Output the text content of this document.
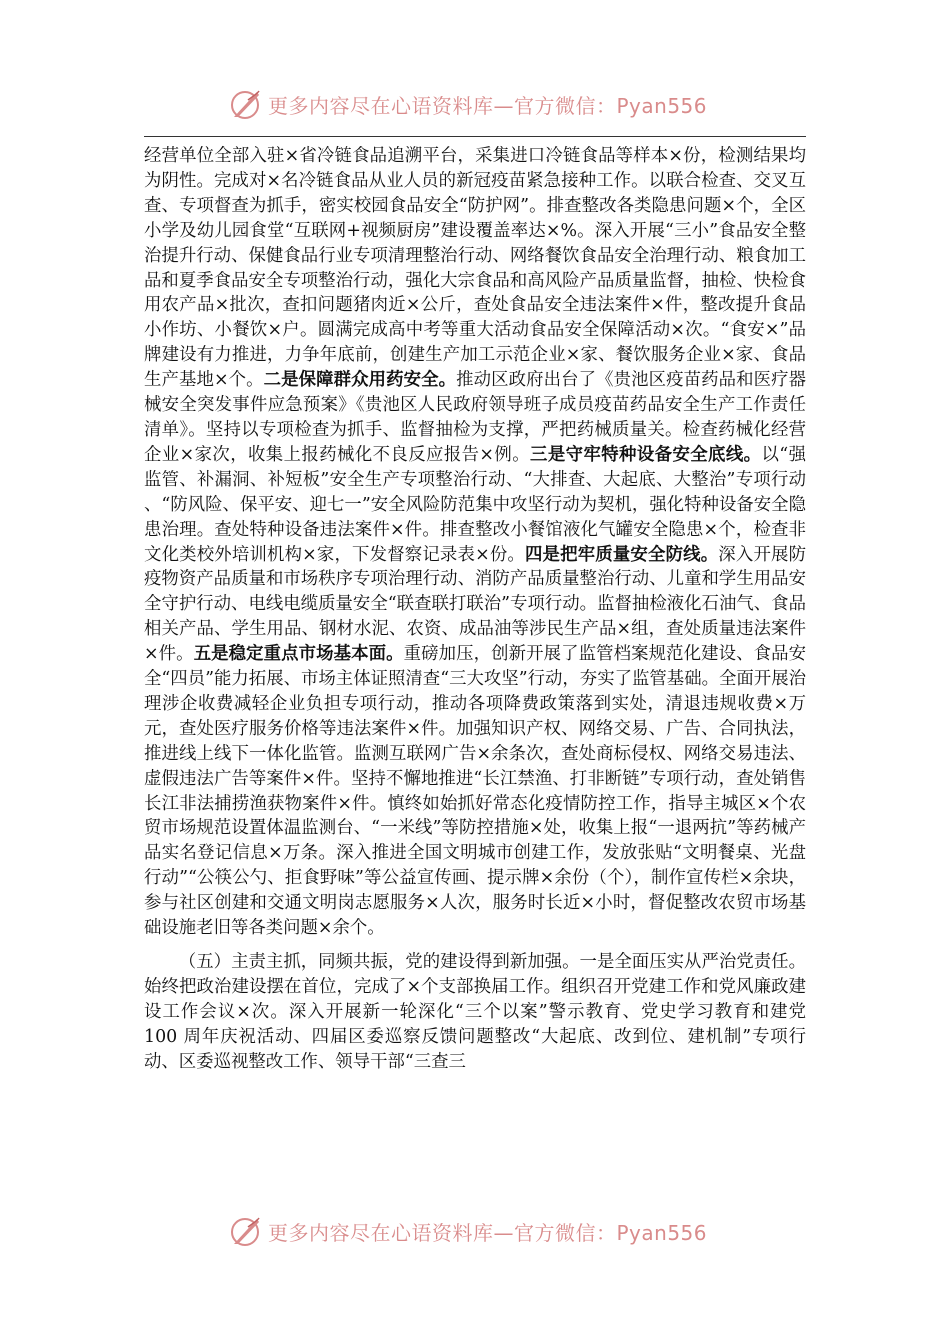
更多内容尽在心语资料库—官方微信：Pyan556

经营单位全部入驻×省冷链食品追溯平台，采集进口冷链食品等样本×份，检测结果均为阴性。完成对×名冷链食品从业人员的新冠疫苗紧急接种工作。以联合检查、交叉互查、专项督查为抓手，密实校园食品安全“防护网”。排查整改各类隐患问题×个，全区小学及幼儿园食堂“互联网+视频厨房”建设覆盖率达×%。深入开展“三小”食品安全整治提升行动、保健食品行业专项清理整治行动、网络餐饮食品安全治理行动、粮食加工品和夏季食品安全专项整治行动，强化大宗食品和高风险产品质量监督，抽检、快检食用农产品×批次，查扣问题猪肉近×公斤，查处食品安全违法案件×件，整改提升食品小作坊、小餐饮×户。圆满完成高中考等重大活动食品安全保障活动×次。“食安×”品牌建设有力推进，力争年底前，创建生产加工示范企业×家、餐饮服务企业×家、食品生产基地×个。二是保障群众用药安全。推动区政府出台了《贵池区疫苗药品和医疗器械安全突发事件应急预案》《贵池区人民政府领导班子成员疫苗药品安全生产工作责任清单》。坚持以专项检查为抓手、监督抽检为支撑，严把药械质量关。检查药械化经营企业×家次，收集上报药械化不良反应报告×例。三是守牢特种设备安全底线。以“强监管、补漏洞、补短板”安全生产专项整治行动、“大排查、大起底、大整治”专项行动 、“防风险、保平安、迎七一”安全风险防范集中攻坚行动为契机，强化特种设备安全隐患治理。查处特种设备违法案件×件。排查整改小餐馆液化气罐安全隐患×个，检查非文化类校外培训机构×家，下发督察记录表×份。四是把牢质量安全防线。深入开展防疫物资产品质量和市场秩序专项治理行动、消防产品质量整治行动、儿童和学生用品安全守护行动、电线电缆质量安全“联查联打联治”专项行动。监督抽检液化石油气、食品相关产品、学生用品、钢材水泥、农资、成品油等涉民生产品×组，查处质量违法案件×件。五是稳定重点市场基本面。重磅加压，创新开展了监管档案规范化建设、食品安全“四员”能力拓展、市场主体证照清查“三大攻坚”行动，夯实了监管基础。全面开展治理涉企收费减轻企业负担专项行动，推动各项降费政策落到实处，清退违规收费×万元，查处医疗服务价格等违法案件×件。加强知识产权、网络交易、广告、合同执法，推进线上线下一体化监管。监测互联网广告×余条次，查处商标侵权、网络交易违法、虚假违法广告等案件×件。坚持不懈地推进“长江禁渔、打非断链”专项行动，查处销售长江非法捕捞渔获物案件×件。慎终如始抓好常态化疫情防控工作，指导主城区×个农贸市场规范设置体温监测台、“一米线”等防控措施×处，收集上报“一退两抗”等药械产品实名登记信息×万条。深入推进全国文明城市创建工作，发放张贴“文明餐桌、光盘行动”“公筷公勺、拒食野味”等公益宣传画、提示牌×余份（个），制作宣传栏×余块，参与社区创建和交通文明岗志愿服务×人次，服务时长近×小时，督促整改农贸市场基础设施老旧等各类问题×余个。

（五）主责主抓，同频共振，党的建设得到新加强。一是全面压实从严治党责任。始终把政治建设摆在首位，完成了×个支部换届工作。组织召开党建工作和党风廉政建设工作会议×次。深入开展新一轮深化“三个以案”警示教育、党史学习教育和建党 100 周年庆祝活动、四届区委巡察反馈问题整改“大起底、改到位、建机制”专项行动、区委巡视整改工作、领导干部“三查三

更多内容尽在心语资料库—官方微信：Pyan556
